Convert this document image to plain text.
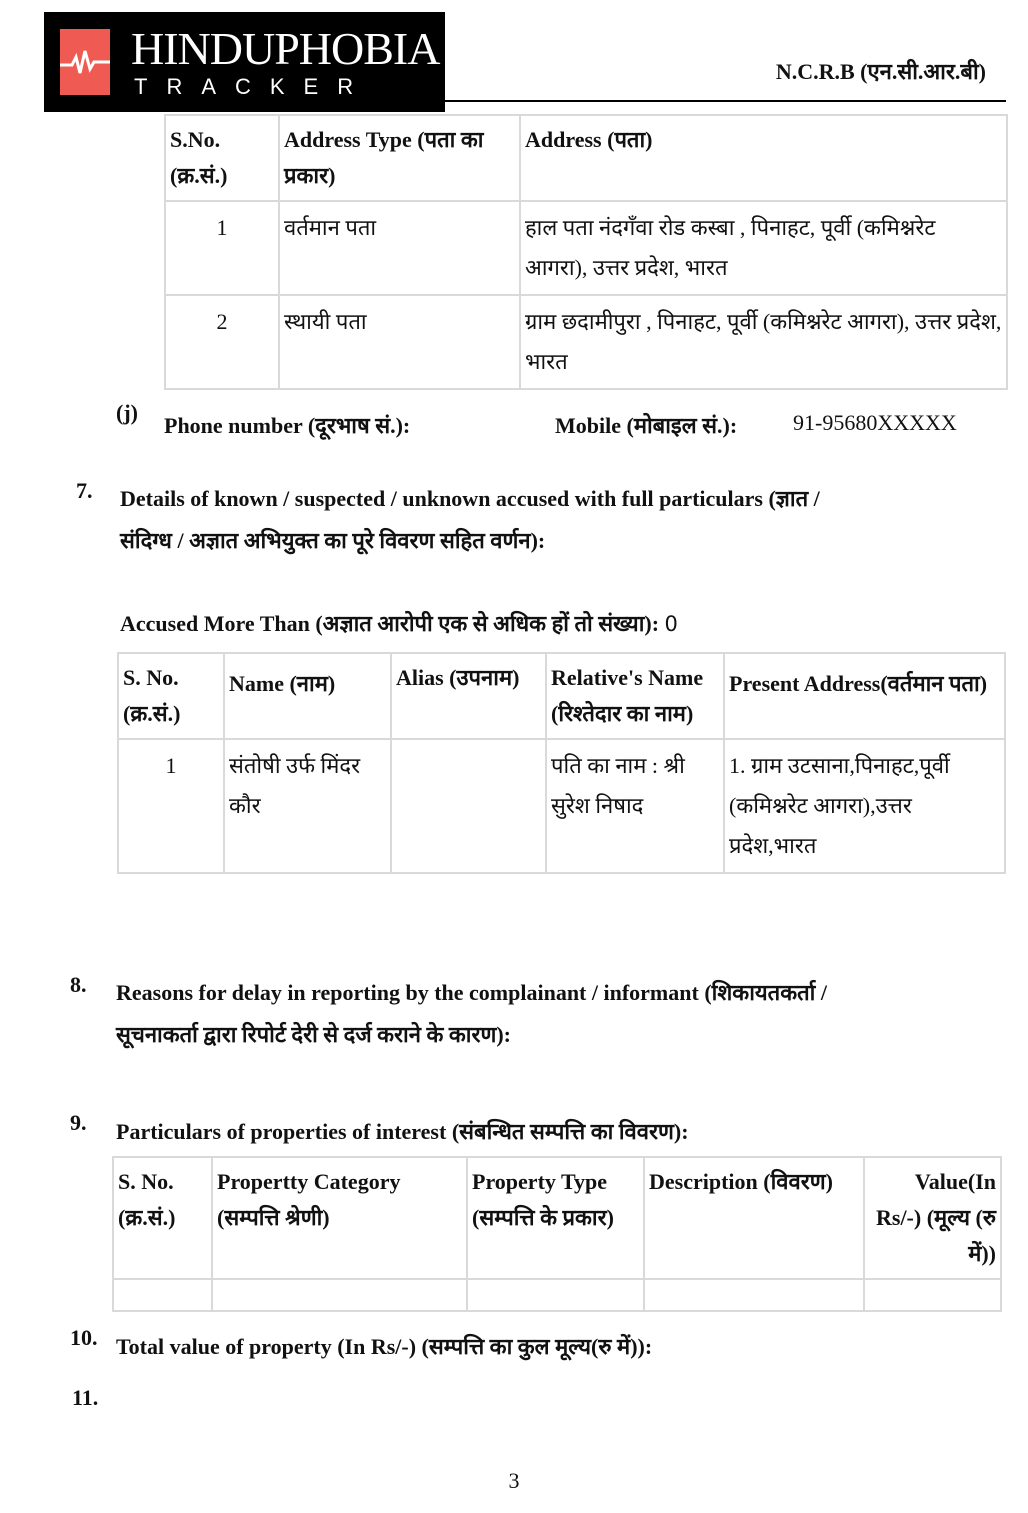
HINDUPHOBIA
TRACKER
N.C.R.B (एन.सी.आर.बी)
S.No. (क्र.सं.)	Address Type (पता का प्रकार)	Address (पता)
1	वर्तमान पता	हाल पता नंदगँवा रोड कस्बा , पिनाहट, पूर्वी (कमिश्नरेट आगरा), उत्तर प्रदेश, भारत
2	स्थायी पता	ग्राम छदामीपुरा , पिनाहट, पूर्वी (कमिश्नरेट आगरा), उत्तर प्रदेश, भारत
(j)
Phone number (दूरभाष सं.):	Mobile (मोबाइल सं.):	91-95680XXXXX
7. Details of known / suspected / unknown accused with full particulars (ज्ञात /
संदिग्ध / अज्ञात अभियुक्त का पूरे विवरण सहित वर्णन):
Accused More Than (अज्ञात आरोपी एक से अधिक हों तो संख्या): 0
S. No. (क्र.सं.)	Name (नाम)	Alias (उपनाम)	Relative's Name (रिश्तेदार का नाम)	Present Address(वर्तमान पता)
1	संतोषी उर्फ मिंदर कौर		पति का नाम : श्री सुरेश निषाद	1. ग्राम उटसाना,पिनाहट,पूर्वी (कमिश्नरेट आगरा),उत्तर प्रदेश,भारत
8. Reasons for delay in reporting by the complainant / informant (शिकायतकर्ता /
सूचनाकर्ता द्वारा रिपोर्ट देरी से दर्ज कराने के कारण):
9. Particulars of properties of interest (संबन्धित सम्पत्ति का विवरण):
S. No. (क्र.सं.)	Propertty Category (सम्पत्ति श्रेणी)	Property Type (सम्पत्ति के प्रकार)	Description (विवरण)	Value(In Rs/-) (मूल्य (रु में))

10. Total value of property (In Rs/-) (सम्पत्ति का कुल मूल्य(रु में)):
11.
3
